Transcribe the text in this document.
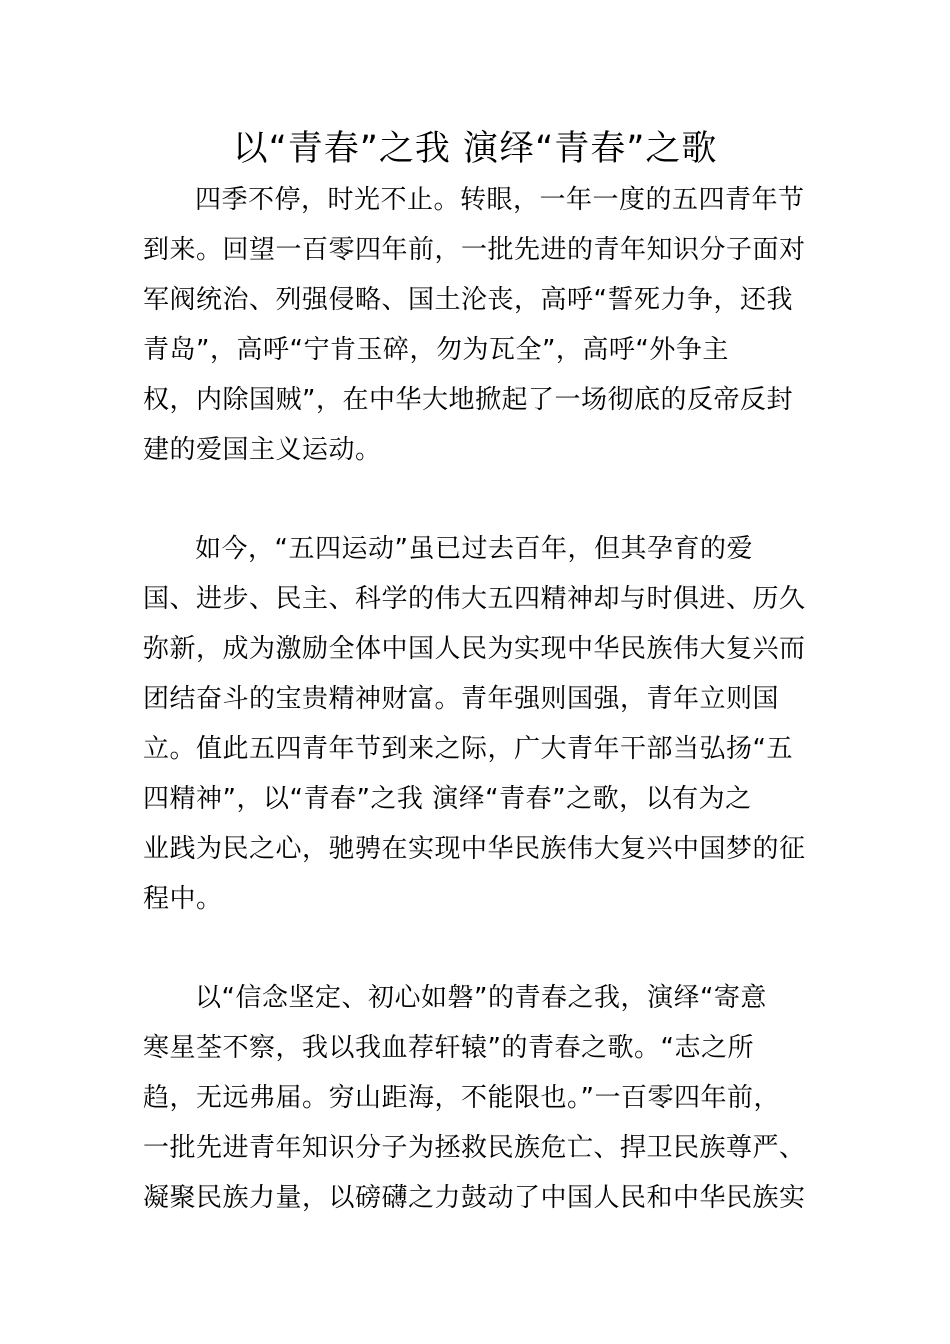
以“青春”之我 演绎“青春”之歌
四季不停，时光不止。转眼，一年一度的五四青年节
到来。回望一百零四年前，一批先进的青年知识分子面对
军阀统治、列强侵略、国土沦丧，高呼“誓死力争，还我
青岛”，高呼“宁肯玉碎，勿为瓦全”，高呼“外争主
权，内除国贼”，在中华大地掀起了一场彻底的反帝反封
建的爱国主义运动。
如今，“五四运动”虽已过去百年，但其孕育的爱
国、进步、民主、科学的伟大五四精神却与时俱进、历久
弥新，成为激励全体中国人民为实现中华民族伟大复兴而
团结奋斗的宝贵精神财富。青年强则国强，青年立则国
立。值此五四青年节到来之际，广大青年干部当弘扬“五
四精神”，以“青春”之我 演绎“青春”之歌，以有为之
业践为民之心，驰骋在实现中华民族伟大复兴中国梦的征
程中。
以“信念坚定、初心如磐”的青春之我，演绎“寄意
寒星荃不察，我以我血荐轩辕”的青春之歌。“志之所
趋，无远弗届。穷山距海，不能限也。”一百零四年前，
一批先进青年知识分子为拯救民族危亡、捍卫民族尊严、
凝聚民族力量，以磅礴之力鼓动了中国人民和中华民族实
